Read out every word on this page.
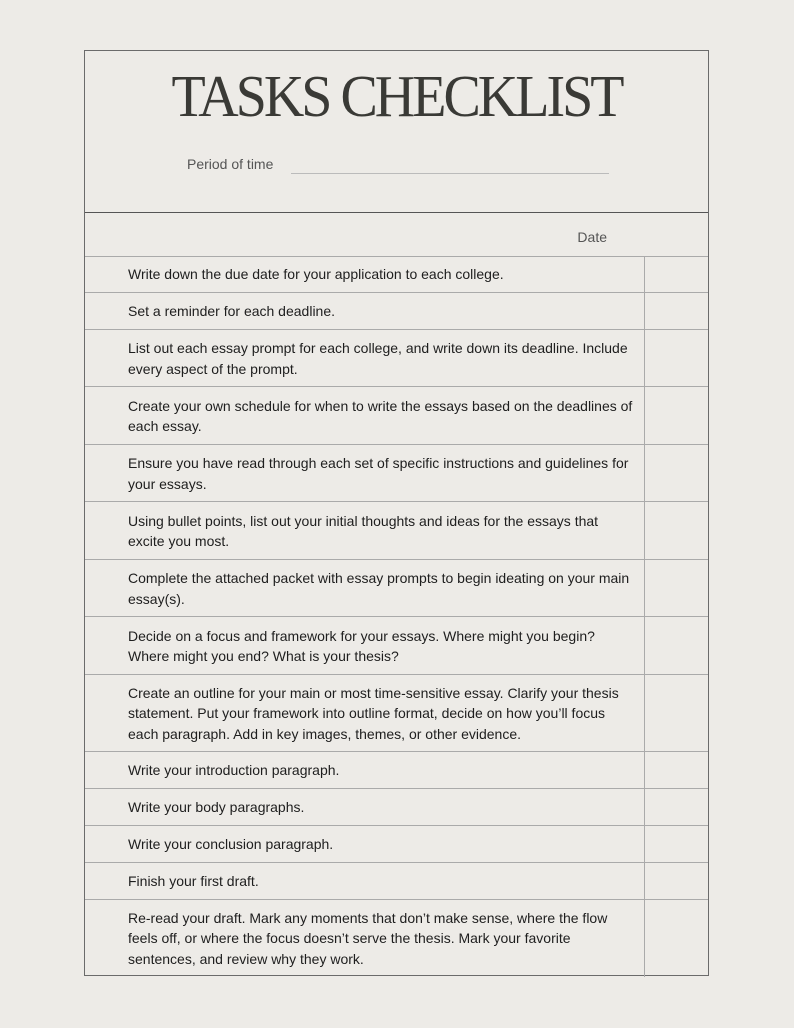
TASKS CHECKLIST
Period of time
Date
Write down the due date for your application to each college.
Set a reminder for each deadline.
List out each essay prompt for each college, and write down its deadline. Include every aspect of the prompt.
Create your own schedule for when to write the essays based on the deadlines of each essay.
Ensure you have read through each set of specific instructions and guidelines for your essays.
Using bullet points, list out your initial thoughts and ideas for the essays that excite you most.
Complete the attached packet with essay prompts to begin ideating on your main essay(s).
Decide on a focus and framework for your essays. Where might you begin? Where might you end? What is your thesis?
Create an outline for your main or most time-sensitive essay. Clarify your thesis statement. Put your framework into outline format, decide on how you’ll focus each paragraph. Add in key images, themes, or other evidence.
Write your introduction paragraph.
Write your body paragraphs.
Write your conclusion paragraph.
Finish your first draft.
Re-read your draft. Mark any moments that don’t make sense, where the flow feels off, or where the focus doesn’t serve the thesis. Mark your favorite sentences, and review why they work.
